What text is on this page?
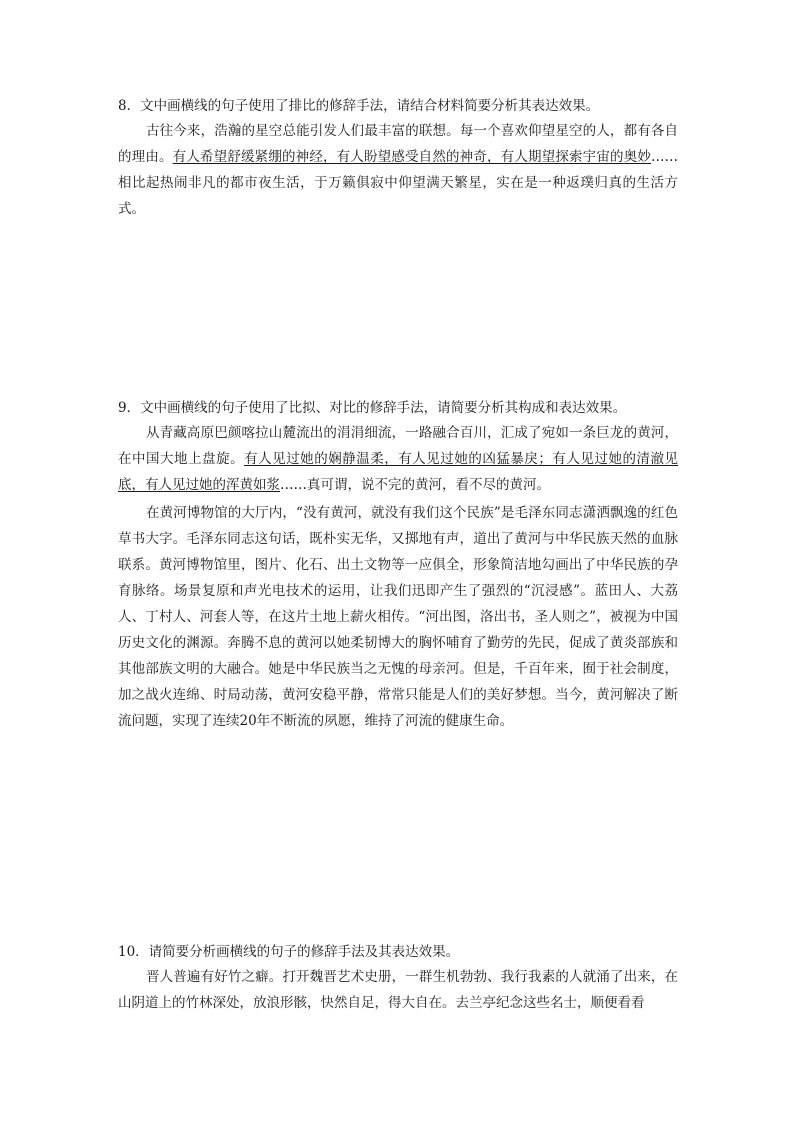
8．文中画横线的句子使用了排比的修辞手法，请结合材料简要分析其表达效果。

古往今来，浩瀚的星空总能引发人们最丰富的联想。每一个喜欢仰望星空的人，都有各自的理由。有人希望舒缓紧绷的神经，有人盼望感受自然的神奇，有人期望探索宇宙的奥妙……相比起热闹非凡的都市夜生活，于万籁俱寂中仰望满天繁星，实在是一种返璞归真的生活方式。

9．文中画横线的句子使用了比拟、对比的修辞手法，请简要分析其构成和表达效果。

从青藏高原巴颜喀拉山麓流出的涓涓细流，一路融合百川，汇成了宛如一条巨龙的黄河，在中国大地上盘旋。有人见过她的娴静温柔，有人见过她的凶猛暴戾；有人见过她的清澈见底，有人见过她的浑黄如浆……真可谓，说不完的黄河，看不尽的黄河。

在黄河博物馆的大厅内，“没有黄河，就没有我们这个民族”是毛泽东同志潇洒飘逸的红色草书大字。毛泽东同志这句话，既朴实无华，又掷地有声，道出了黄河与中华民族天然的血脉联系。黄河博物馆里，图片、化石、出土文物等一应俱全，形象简洁地勾画出了中华民族的孕育脉络。场景复原和声光电技术的运用，让我们迅即产生了强烈的“沉浸感”。蓝田人、大荔人、丁村人、河套人等，在这片土地上薪火相传。“河出图，洛出书，圣人则之”，被视为中国历史文化的渊源。奔腾不息的黄河以她柔韧博大的胸怀哺育了勤劳的先民，促成了黄炎部族和其他部族文明的大融合。她是中华民族当之无愧的母亲河。但是，千百年来，囿于社会制度，加之战火连绵、时局动荡，黄河安稳平静，常常只能是人们的美好梦想。当今，黄河解决了断流问题，实现了连续20年不断流的夙愿，维持了河流的健康生命。

10．请简要分析画横线的句子的修辞手法及其表达效果。

晋人普遍有好竹之癖。打开魏晋艺术史册，一群生机勃勃、我行我素的人就涌了出来，在山阴道上的竹林深处，放浪形骸，快然自足，得大自在。去兰亭纪念这些名士，顺便看看
